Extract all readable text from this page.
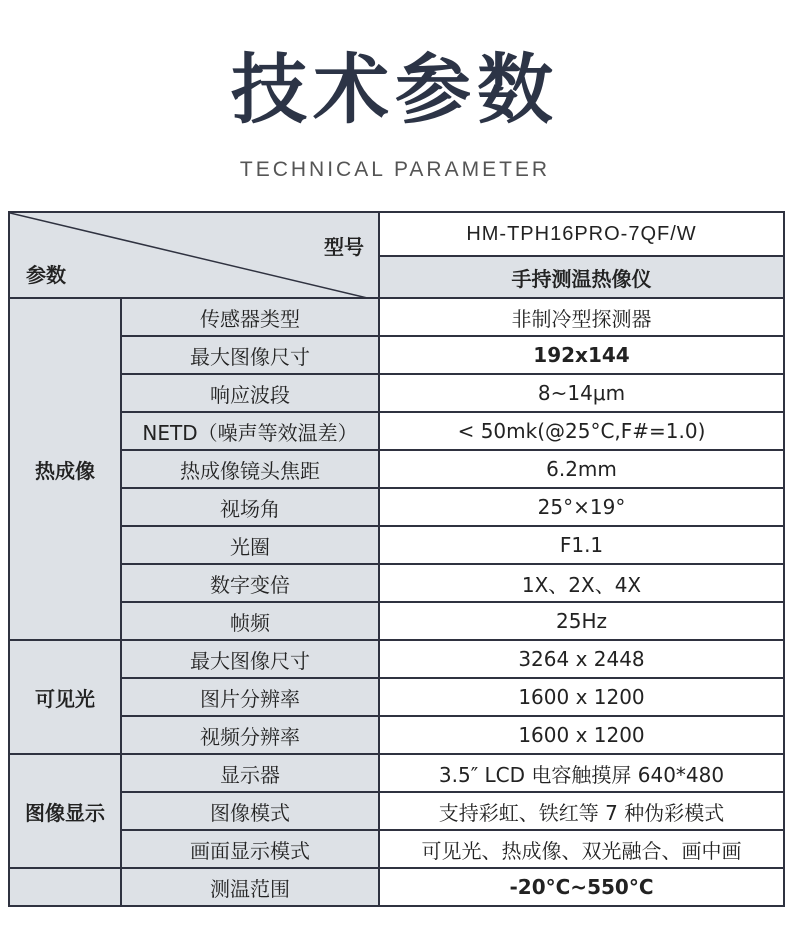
技术参数
TECHNICAL PARAMETER
型号
参数		HM-TPH16PRO-7QF/W
		手持测温热像仪
热成像	传感器类型	非制冷型探测器
	最大图像尺寸	192x144
	响应波段	8~14μm
	NETD（噪声等效温差）	< 50mk(@25°C,F#=1.0)
	热成像镜头焦距	6.2mm
	视场角	25°×19°
	光圈	F1.1
	数字变倍	1X、2X、4X
	帧频	25Hz
可见光	最大图像尺寸	3264 x 2448
	图片分辨率	1600 x 1200
	视频分辨率	1600 x 1200
图像显示	显示器	3.5″ LCD 电容触摸屏 640*480
	图像模式	支持彩虹、铁红等 7 种伪彩模式
	画面显示模式	可见光、热成像、双光融合、画中画
	测温范围	-20°C~550°C
